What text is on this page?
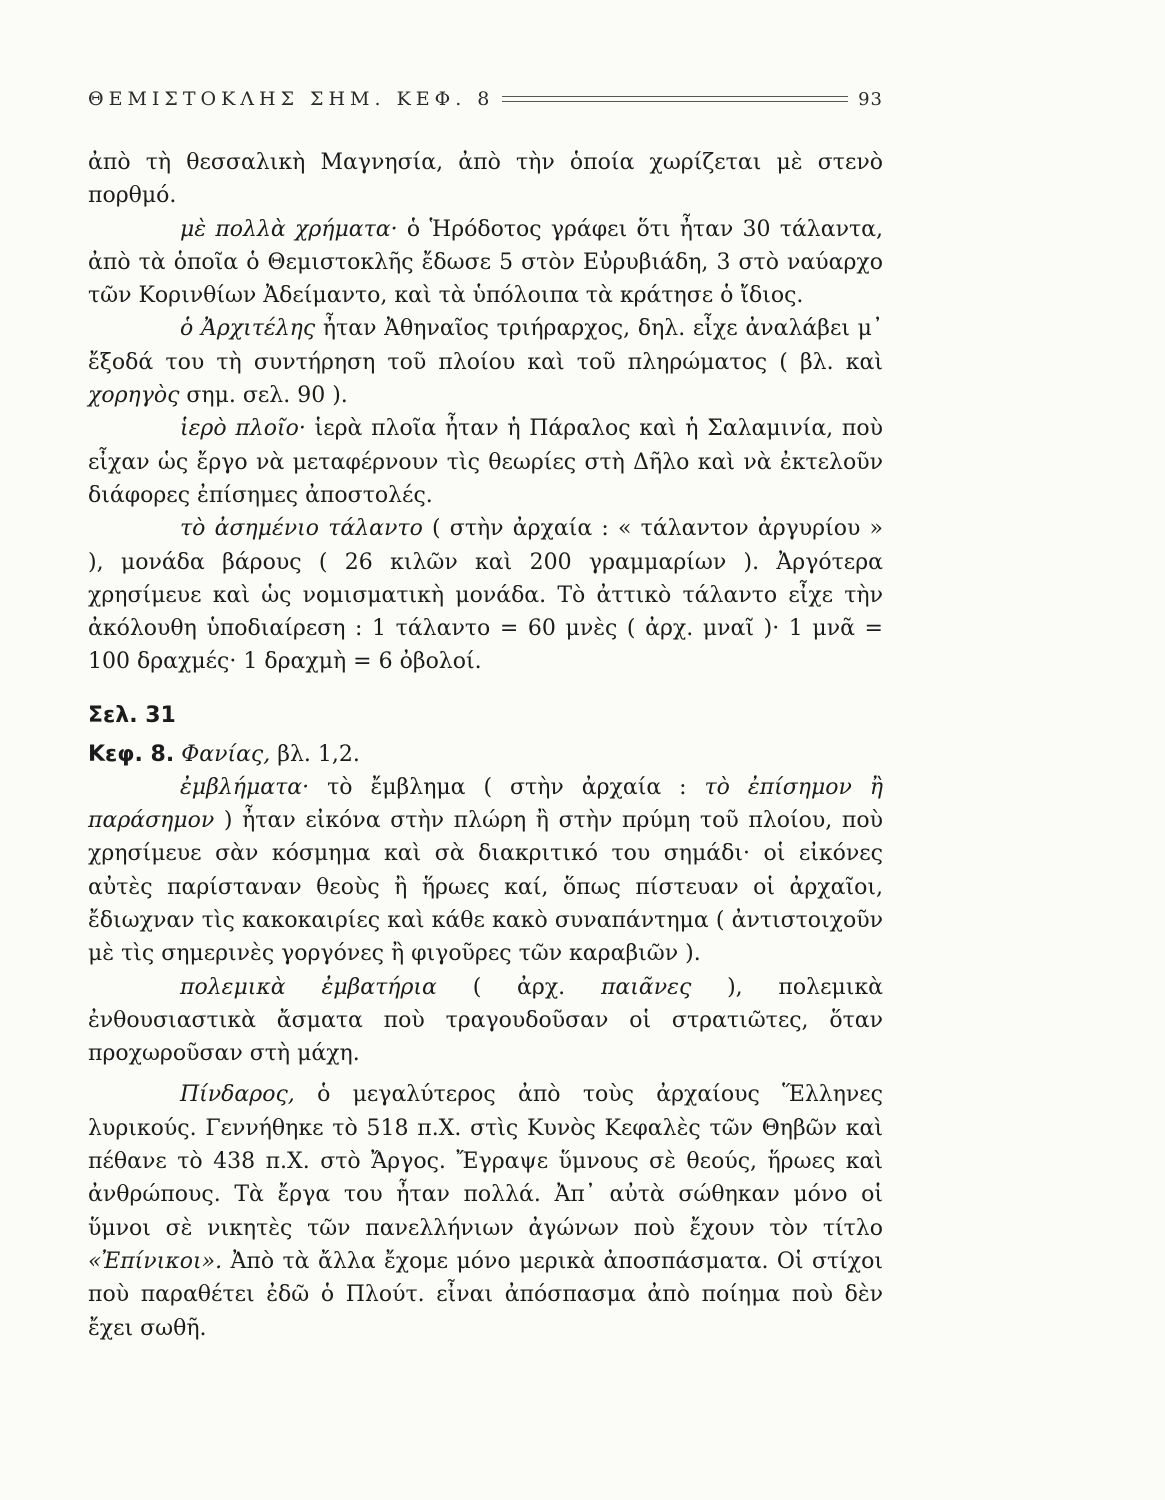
ΘΕΜΙΣΤΟΚΛΗΣ ΣΗΜ. ΚΕΦ. 8	93

ἀπὸ τὴ θεσσαλικὴ Μαγνησία, ἀπὸ τὴν ὁποία χωρίζεται μὲ στενὸ πορθμό.

μὲ πολλὰ χρήματα· ὁ Ἡρόδοτος γράφει ὅτι ἦταν 30 τάλαντα, ἀπὸ τὰ ὁποῖα ὁ Θεμιστοκλῆς ἔδωσε 5 στὸν Εὐρυβιάδη, 3 στὸ ναύαρχο τῶν Κορινθίων Ἀδείμαντο, καὶ τὰ ὑπόλοιπα τὰ κράτησε ὁ ἴδιος.

ὁ Ἀρχιτέλης ἦταν Ἀθηναῖος τριήραρχος, δηλ. εἶχε ἀναλάβει μ᾽ ἔξοδά του τὴ συντήρηση τοῦ πλοίου καὶ τοῦ πληρώματος ( βλ. καὶ χορηγὸς σημ. σελ. 90 ).

ἱερὸ πλοῖο· ἱερὰ πλοῖα ἦταν ἡ Πάραλος καὶ ἡ Σαλαμινία, ποὺ εἶχαν ὡς ἔργο νὰ μεταφέρνουν τὶς θεωρίες στὴ Δῆλο καὶ νὰ ἐκτελοῦν διάφορες ἐπίσημες ἀποστολές.

τὸ ἀσημένιο τάλαντο ( στὴν ἀρχαία : « τάλαντον ἀργυρίου » ), μονάδα βάρους ( 26 κιλῶν καὶ 200 γραμμαρίων ). Ἀργότερα χρησίμευε καὶ ὡς νομισματικὴ μονάδα. Τὸ ἀττικὸ τάλαντο εἶχε τὴν ἀκόλουθη ὑποδιαίρεση : 1 τάλαντο = 60 μνὲς ( ἀρχ. μναῖ )· 1 μνᾶ = 100 δραχμές· 1 δραχμὴ = 6 ὀβολοί.

Σελ. 31
Κεφ. 8. Φανίας, βλ. 1,2.

ἐμβλήματα· τὸ ἔμβλημα ( στὴν ἀρχαία : τὸ ἐπίσημον ἢ παράσημον ) ἦταν εἰκόνα στὴν πλώρη ἢ στὴν πρύμη τοῦ πλοίου, ποὺ χρησίμευε σὰν κόσμημα καὶ σὰ διακριτικό του σημάδι· οἱ εἰκόνες αὐτὲς παρίσταναν θεοὺς ἢ ἥρωες καί, ὅπως πίστευαν οἱ ἀρχαῖοι, ἔδιωχναν τὶς κακοκαιρίες καὶ κάθε κακὸ συναπάντημα ( ἀντιστοιχοῦν μὲ τὶς σημερινὲς γοργόνες ἢ φιγοῦρες τῶν καραβιῶν ).

πολεμικὰ ἐμβατήρια ( ἀρχ. παιᾶνες ), πολεμικὰ ἐνθουσιαστικὰ ἄσματα ποὺ τραγουδοῦσαν οἱ στρατιῶτες, ὅταν προχωροῦσαν στὴ μάχη.

Πίνδαρος, ὁ μεγαλύτερος ἀπὸ τοὺς ἀρχαίους Ἕλληνες λυρικούς. Γεννήθηκε τὸ 518 π.Χ. στὶς Κυνὸς Κεφαλὲς τῶν Θηβῶν καὶ πέθανε τὸ 438 π.Χ. στὸ Ἄργος. Ἔγραψε ὕμνους σὲ θεούς, ἥρωες καὶ ἀνθρώπους. Τὰ ἔργα του ἦταν πολλά. Ἀπ᾽ αὐτὰ σώθηκαν μόνο οἱ ὕμνοι σὲ νικητὲς τῶν πανελλήνιων ἀγώνων ποὺ ἔχουν τὸν τίτλο «Ἐπίνικοι». Ἀπὸ τὰ ἄλλα ἔχομε μόνο μερικὰ ἀποσπάσματα. Οἱ στίχοι ποὺ παραθέτει ἐδῶ ὁ Πλούτ. εἶναι ἀπόσπασμα ἀπὸ ποίημα ποὺ δὲν ἔχει σωθῆ.
